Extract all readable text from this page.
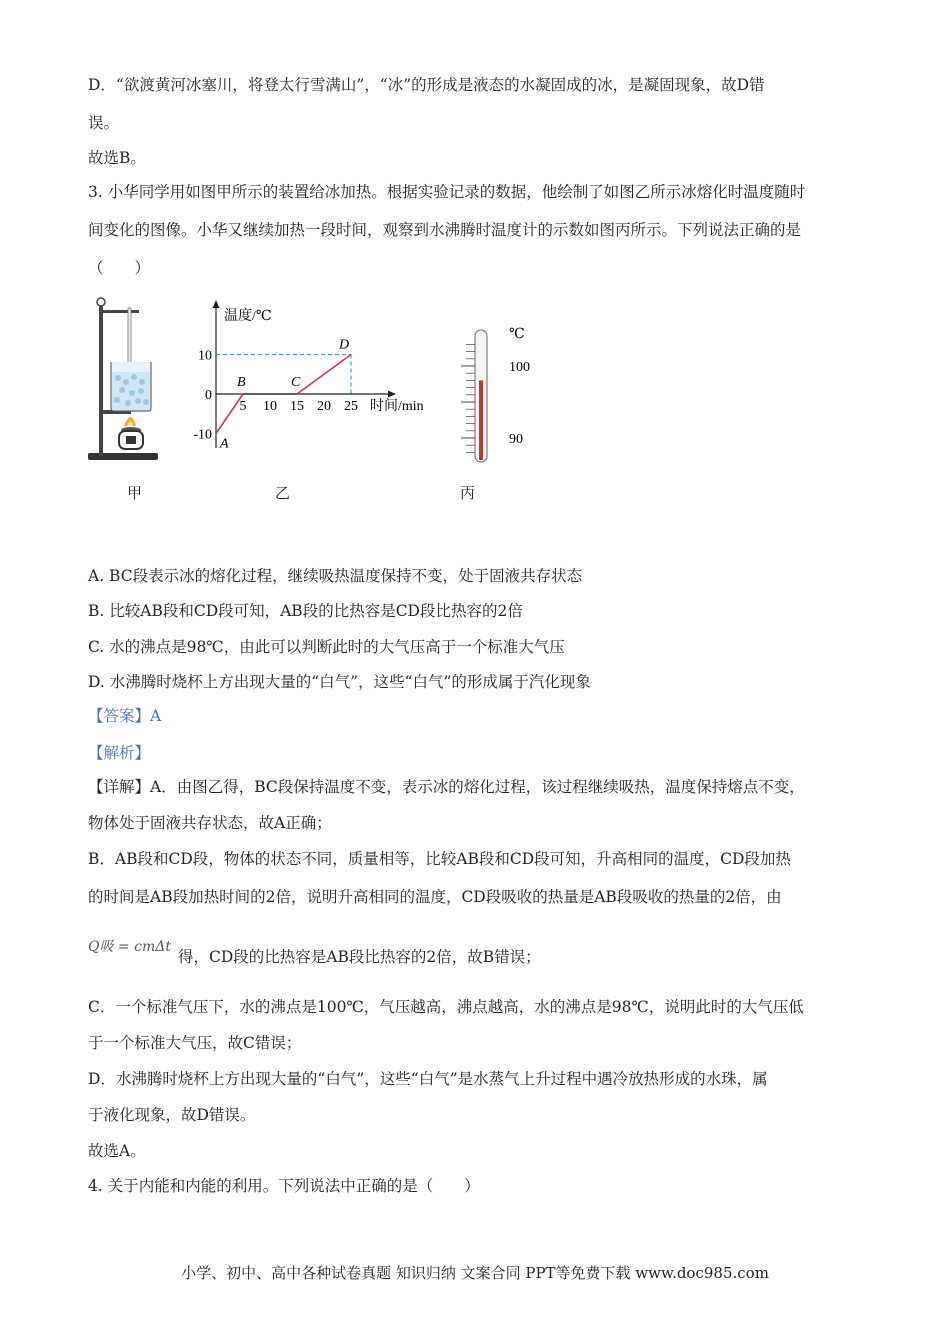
D．“欲渡黄河冰塞川，将登太行雪满山”，“冰”的形成是液态的水凝固成的冰，是凝固现象，故D错
误。
故选B。
3. 小华同学用如图甲所示的装置给冰加热。根据实验记录的数据，他绘制了如图乙所示冰熔化时温度随时
间变化的图像。小华又继续加热一段时间，观察到水沸腾时温度计的示数如图丙所示。下列说法正确的是
（　　）
温度/℃
时间/min
5 10 15 20 25
10
0
-10
A
B	C
D
℃
100
90
甲	乙	丙
A. BC段表示冰的熔化过程，继续吸热温度保持不变，处于固液共存状态
B. 比较AB段和CD段可知，AB段的比热容是CD段比热容的2倍
C. 水的沸点是98℃，由此可以判断此时的大气压高于一个标准大气压
D. 水沸腾时烧杯上方出现大量的“白气”，这些“白气”的形成属于汽化现象
【答案】A
【解析】
【详解】A．由图乙得，BC段保持温度不变，表示冰的熔化过程，该过程继续吸热，温度保持熔点不变，
物体处于固液共存状态，故A正确；
B．AB段和CD段，物体的状态不同，质量相等，比较AB段和CD段可知，升高相同的温度，CD段加热
的时间是AB段加热时间的2倍，说明升高相同的温度，CD段吸收的热量是AB段吸收的热量的2倍，由
Q吸 = cmΔt
得，CD段的比热容是AB段比热容的2倍，故B错误；
C．一个标准气压下，水的沸点是100℃，气压越高，沸点越高，水的沸点是98℃，说明此时的大气压低
于一个标准大气压，故C错误；
D．水沸腾时烧杯上方出现大量的“白气”，这些“白气”是水蒸气上升过程中遇冷放热形成的水珠，属
于液化现象，故D错误。
故选A。
4. 关于内能和内能的利用。下列说法中正确的是（　　）
小学、初中、高中各种试卷真题 知识归纳 文案合同 PPT等免费下载 www.doc985.com
